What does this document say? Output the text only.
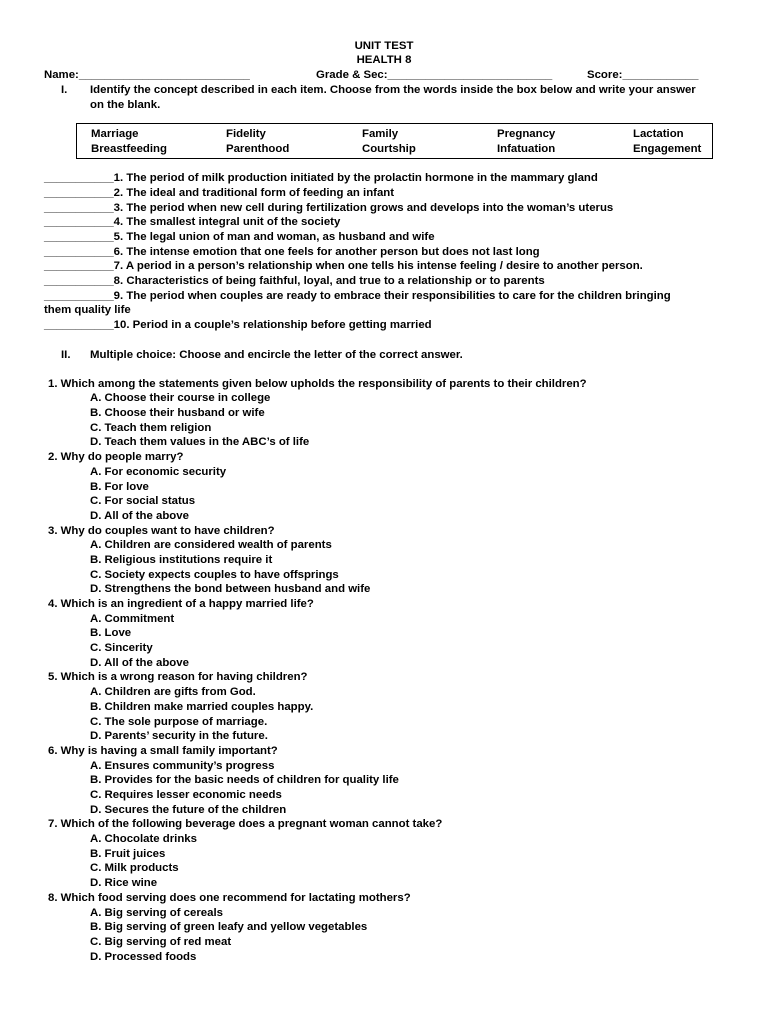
UNIT TEST
HEALTH 8
Name:___________________________	Grade & Sec:__________________________	Score:____________
I. Identify the concept described in each item. Choose from the words inside the box below and write your answer
on the blank.
Marriage	Fidelity	Family	Pregnancy	Lactation
Breastfeeding	Parenthood	Courtship	Infatuation	Engagement
___________1. The period of milk production initiated by the prolactin hormone in the mammary gland
___________2. The ideal and traditional form of feeding an infant
___________3. The period when new cell during fertilization grows and develops into the woman’s uterus
___________4. The smallest integral unit of the society
___________5. The legal union of man and woman, as husband and wife
___________6. The intense emotion that one feels for another person but does not last long
___________7. A period in a person’s relationship when one tells his intense feeling / desire to another person.
___________8. Characteristics of being faithful, loyal, and true to a relationship or to parents
___________9. The period when couples are ready to embrace their responsibilities to care for the children bringing
them quality life
___________10. Period in a couple’s relationship before getting married
II. Multiple choice: Choose and encircle the letter of the correct answer.
1. Which among the statements given below upholds the responsibility of parents to their children?
A. Choose their course in college
B. Choose their husband or wife
C. Teach them religion
D. Teach them values in the ABC’s of life
2. Why do people marry?
A. For economic security
B. For love
C. For social status
D. All of the above
3. Why do couples want to have children?
A. Children are considered wealth of parents
B. Religious institutions require it
C. Society expects couples to have offsprings
D. Strengthens the bond between husband and wife
4. Which is an ingredient of a happy married life?
A. Commitment
B. Love
C. Sincerity
D. All of the above
5. Which is a wrong reason for having children?
A. Children are gifts from God.
B. Children make married couples happy.
C. The sole purpose of marriage.
D. Parents’ security in the future.
6. Why is having a small family important?
A. Ensures community’s progress
B. Provides for the basic needs of children for quality life
C. Requires lesser economic needs
D. Secures the future of the children
7. Which of the following beverage does a pregnant woman cannot take?
A. Chocolate drinks
B. Fruit juices
C. Milk products
D. Rice wine
8. Which food serving does one recommend for lactating mothers?
A. Big serving of cereals
B. Big serving of green leafy and yellow vegetables
C. Big serving of red meat
D. Processed foods
